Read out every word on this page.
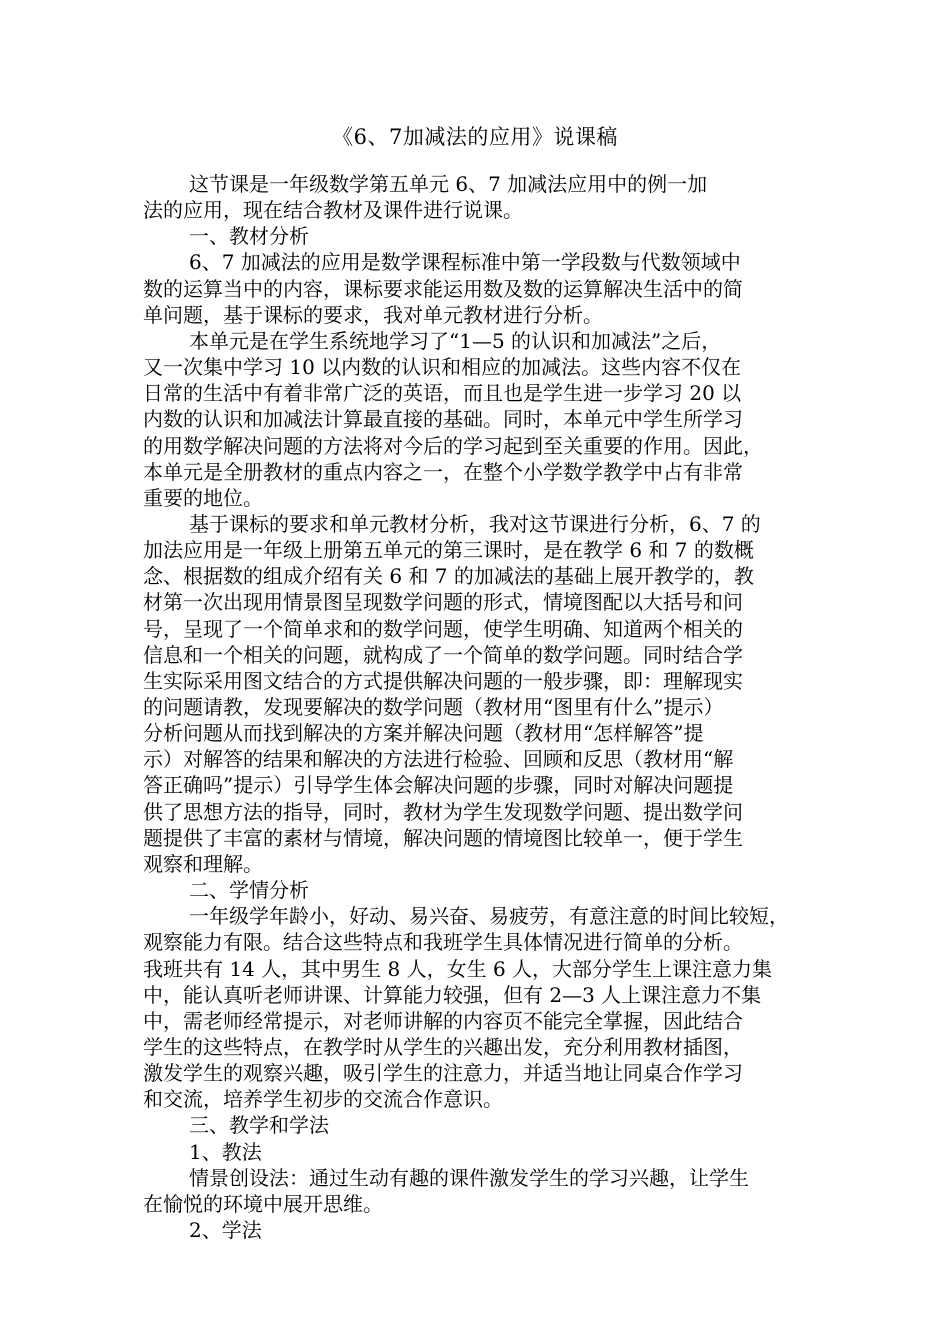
《6、7加减法的应用》说课稿
这节课是一年级数学第五单元 6、7 加减法应用中的例一加
法的应用，现在结合教材及课件进行说课。
一、教材分析
6、7 加减法的应用是数学课程标准中第一学段数与代数领域中
数的运算当中的内容，课标要求能运用数及数的运算解决生活中的简
单问题，基于课标的要求，我对单元教材进行分析。
本单元是在学生系统地学习了“1—5 的认识和加减法”之后，
又一次集中学习 10 以内数的认识和相应的加减法。这些内容不仅在
日常的生活中有着非常广泛的英语，而且也是学生进一步学习 20 以
内数的认识和加减法计算最直接的基础。同时，本单元中学生所学习
的用数学解决问题的方法将对今后的学习起到至关重要的作用。因此，
本单元是全册教材的重点内容之一，在整个小学数学教学中占有非常
重要的地位。
基于课标的要求和单元教材分析，我对这节课进行分析，6、7 的
加法应用是一年级上册第五单元的第三课时，是在教学 6 和 7 的数概
念、根据数的组成介绍有关 6 和 7 的加减法的基础上展开教学的，教
材第一次出现用情景图呈现数学问题的形式，情境图配以大括号和问
号，呈现了一个简单求和的数学问题，使学生明确、知道两个相关的
信息和一个相关的问题，就构成了一个简单的数学问题。同时结合学
生实际采用图文结合的方式提供解决问题的一般步骤，即：理解现实
的问题请教，发现要解决的数学问题（教材用“图里有什么”提示）
分析问题从而找到解决的方案并解决问题（教材用“怎样解答”提
示）对解答的结果和解决的方法进行检验、回顾和反思（教材用“解
答正确吗”提示）引导学生体会解决问题的步骤，同时对解决问题提
供了思想方法的指导，同时，教材为学生发现数学问题、提出数学问
题提供了丰富的素材与情境，解决问题的情境图比较单一，便于学生
观察和理解。
二、学情分析
一年级学年龄小，好动、易兴奋、易疲劳，有意注意的时间比较短，
观察能力有限。结合这些特点和我班学生具体情况进行简单的分析。
我班共有 14 人，其中男生 8 人，女生 6 人，大部分学生上课注意力集
中，能认真听老师讲课、计算能力较强，但有 2—3 人上课注意力不集
中，需老师经常提示，对老师讲解的内容页不能完全掌握，因此结合
学生的这些特点，在教学时从学生的兴趣出发，充分利用教材插图，
激发学生的观察兴趣，吸引学生的注意力，并适当地让同桌合作学习
和交流，培养学生初步的交流合作意识。
三、教学和学法
1、教法
情景创设法：通过生动有趣的课件激发学生的学习兴趣，让学生
在愉悦的环境中展开思维。
2、学法
